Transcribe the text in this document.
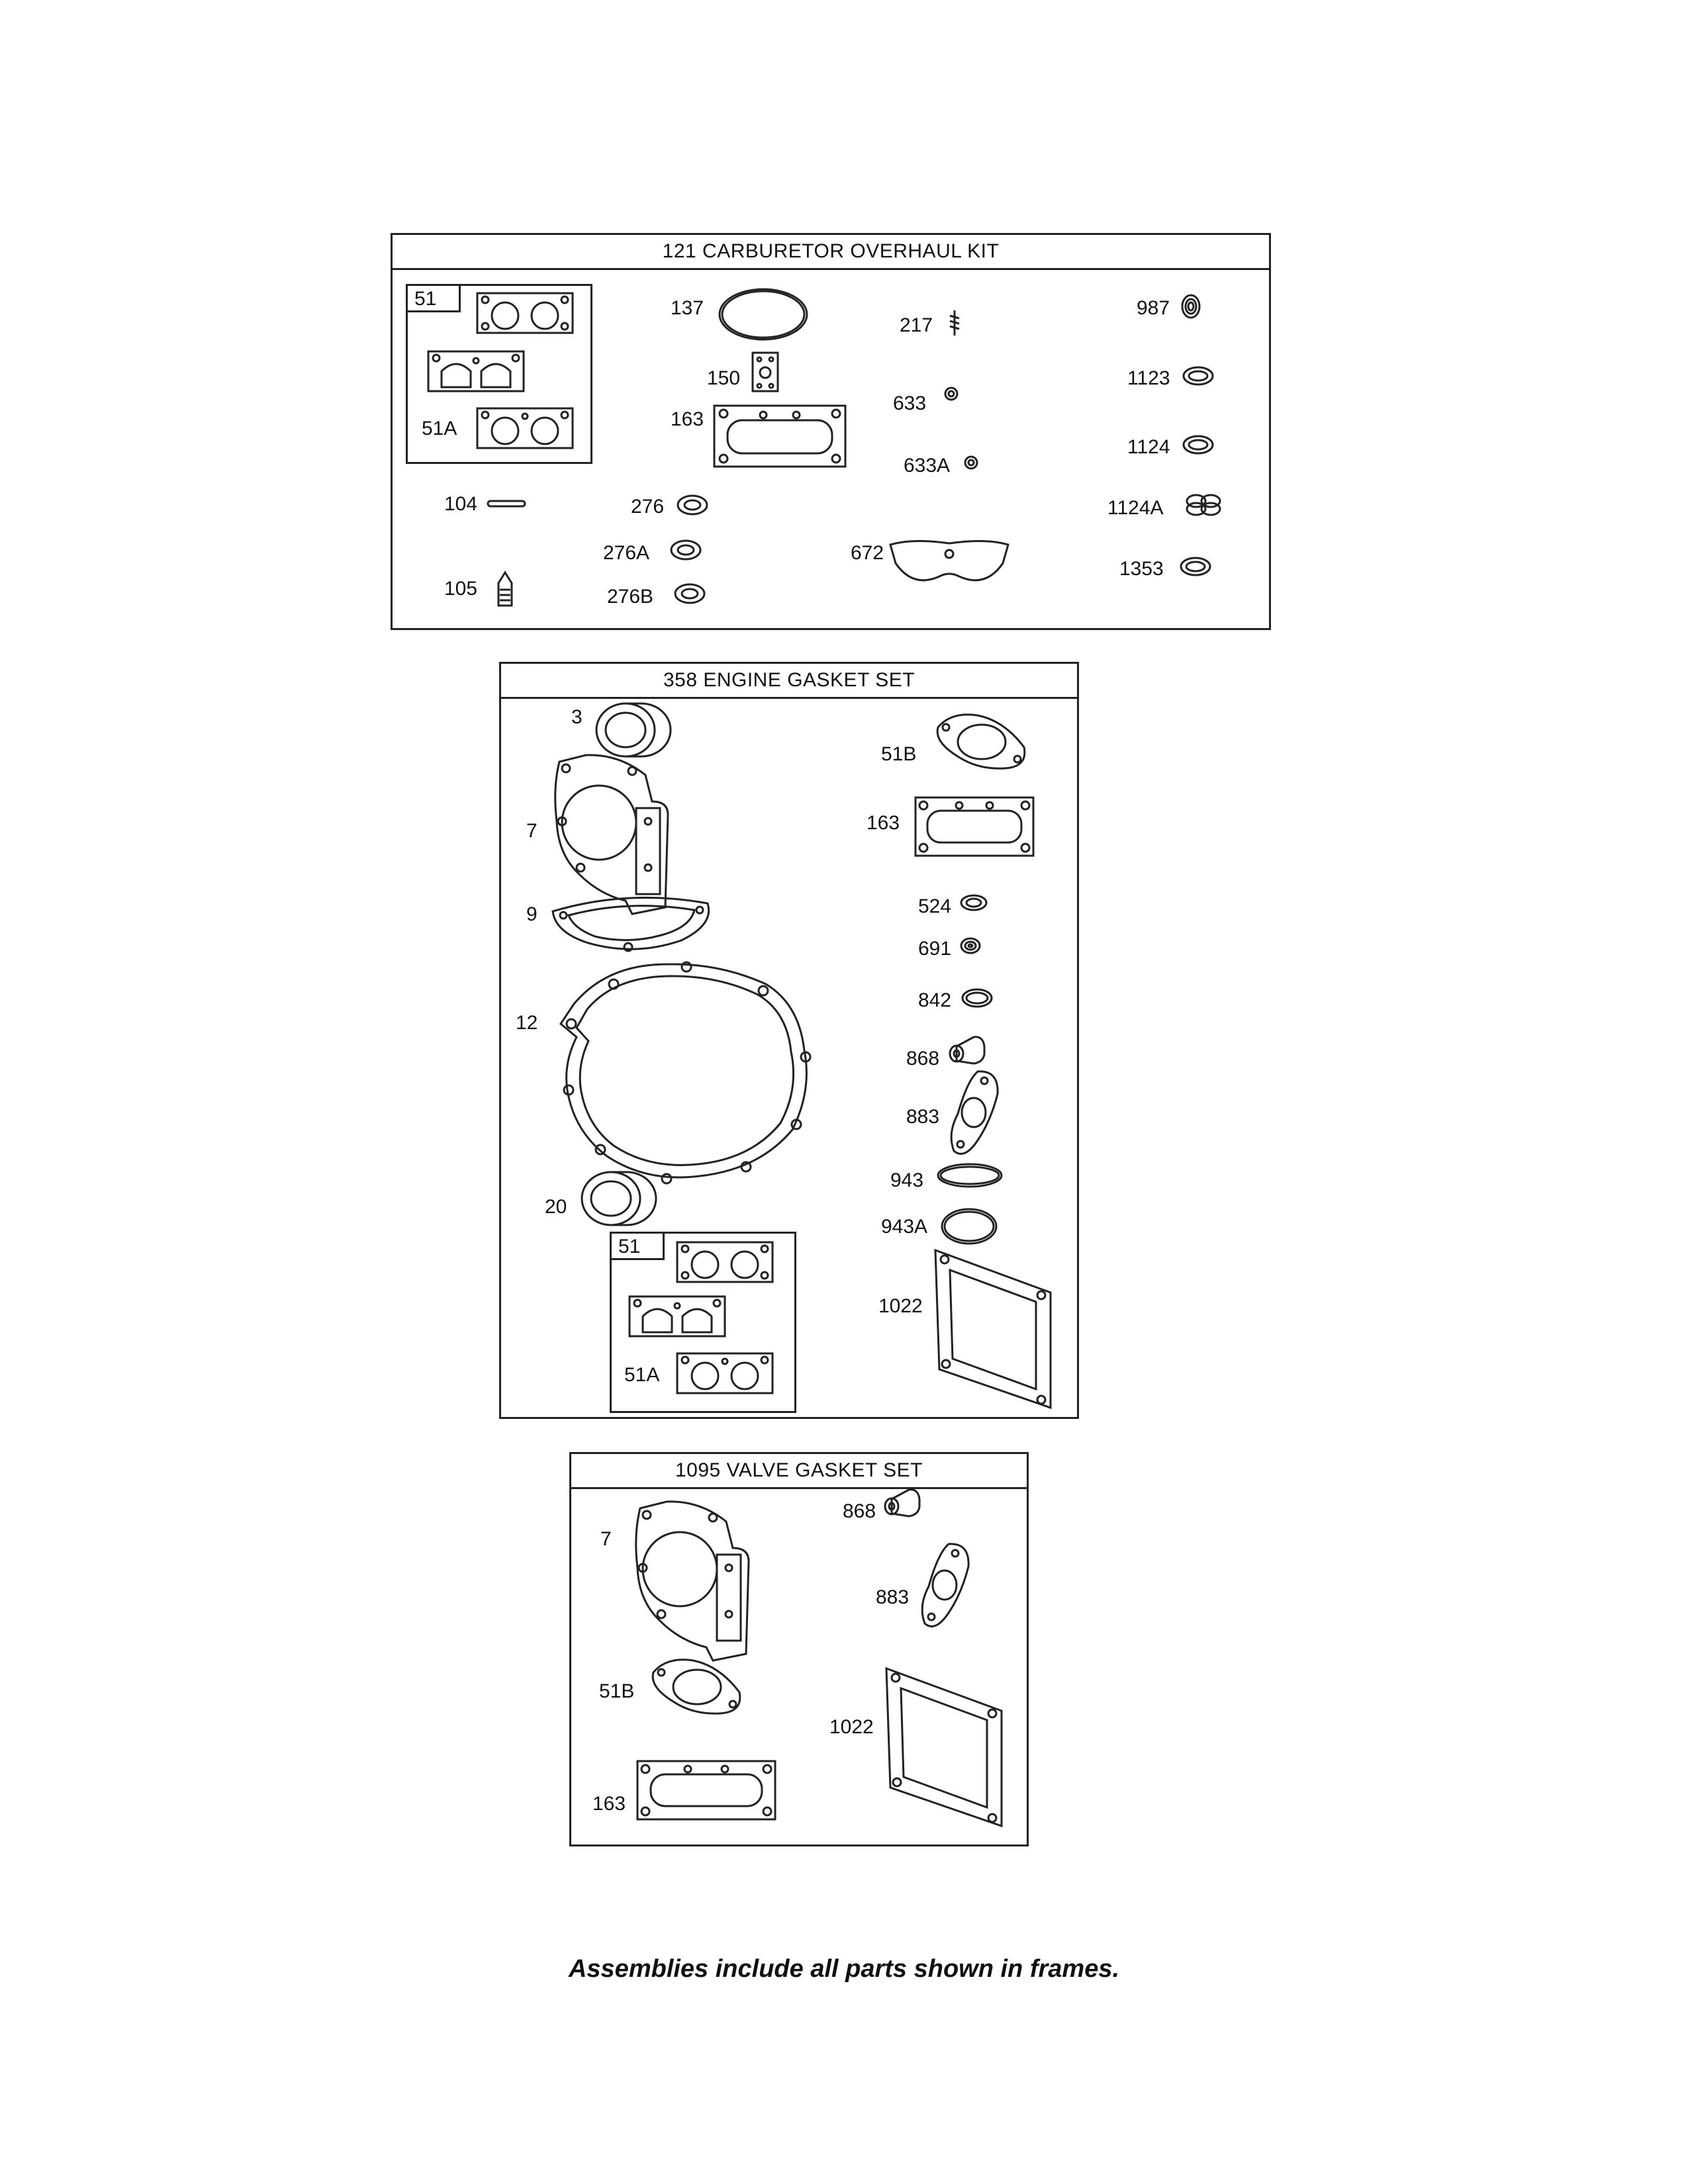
121 CARBURETOR OVERHAUL KIT
51
51A
104
105
137
150
163
276
276A
276B
217
633
633A
672
987
1123
1124
1124A
1353
358 ENGINE GASKET SET
3
7
9
12
20
51
51A
51B
163
524
691
842
868
883
943
943A
1022
1095 VALVE GASKET SET
7
868
883
51B
1022
163
Assemblies include all parts shown in frames.
